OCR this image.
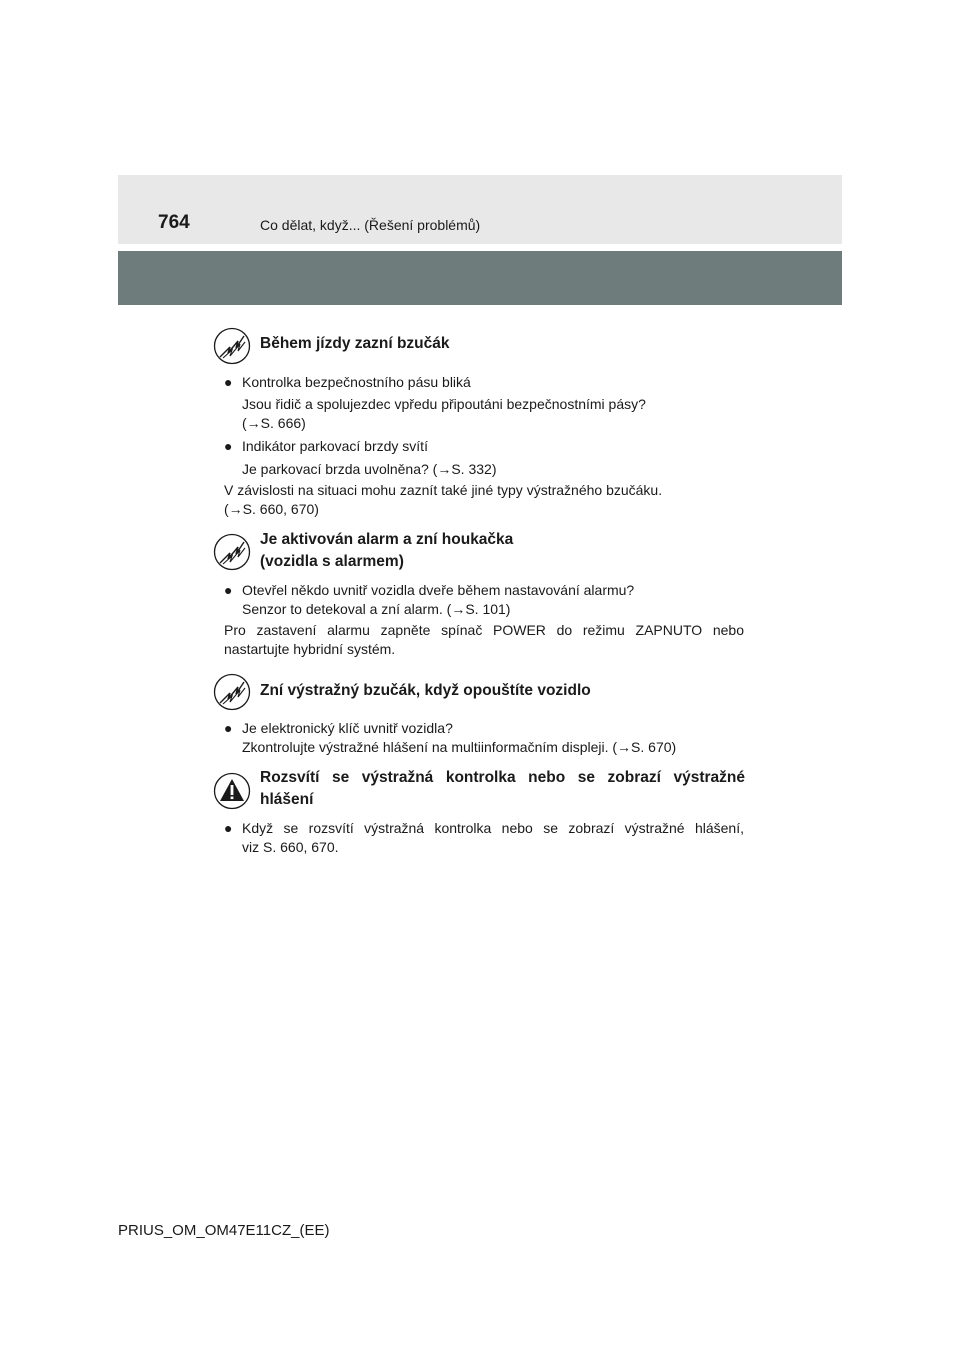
764	Co dělat, když... (Řešení problémů)
Během jízdy zazní bzučák
● Kontrolka bezpečnostního pásu bliká
Jsou řidič a spolujezdec vpředu připoutáni bezpečnostními pásy?
(→S. 666)
● Indikátor parkovací brzdy svítí
Je parkovací brzda uvolněna? (→S. 332)
V závislosti na situaci mohu zaznít také jiné typy výstražného bzučáku.
(→S. 660, 670)
Je aktivován alarm a zní houkačka
(vozidla s alarmem)
● Otevřel někdo uvnitř vozidla dveře během nastavování alarmu?
Senzor to detekoval a zní alarm. (→S. 101)
Pro zastavení alarmu zapněte spínač POWER do režimu ZAPNUTO nebo
nastartujte hybridní systém.
Zní výstražný bzučák, když opouštíte vozidlo
● Je elektronický klíč uvnitř vozidla?
Zkontrolujte výstražné hlášení na multiinformačním displeji. (→S. 670)
Rozsvítí se výstražná kontrolka nebo se zobrazí výstražné
hlášení
● Když se rozsvítí výstražná kontrolka nebo se zobrazí výstražné hlášení,
viz S. 660, 670.
PRIUS_OM_OM47E11CZ_(EE)
